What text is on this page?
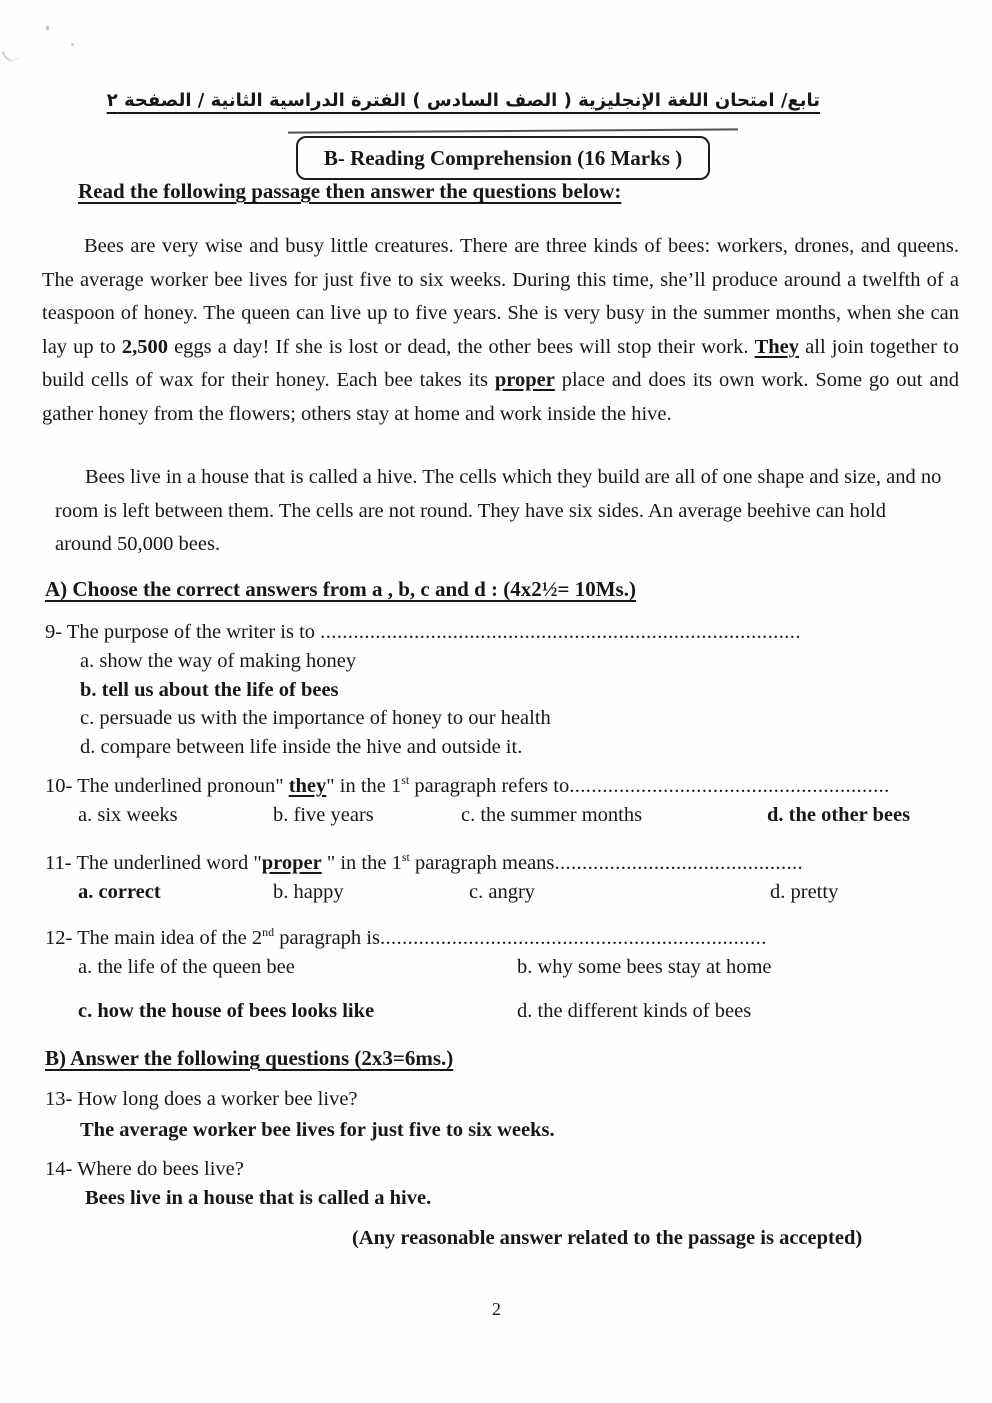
تابع/ امتحان اللغة الإنجليزية ( الصف السادس ) الفترة الدراسية الثانية / الصفحة ٢
B- Reading Comprehension (16 Marks )
Read the following passage then answer the questions below:

Bees are very wise and busy little creatures. There are three kinds of bees: workers, drones, and queens. The average worker bee lives for just five to six weeks. During this time, she’ll produce around a twelfth of a teaspoon of honey. The queen can live up to five years. She is very busy in the summer months, when she can lay up to 2,500 eggs a day! If she is lost or dead, the other bees will stop their work. They all join together to build cells of wax for their honey. Each bee takes its proper place and does its own work. Some go out and gather honey from the flowers; others stay at home and work inside the hive.

Bees live in a house that is called a hive. The cells which they build are all of one shape and size, and no room is left between them. The cells are not round. They have six sides. An average beehive can hold around 50,000 bees.

A) Choose the correct answers from a , b, c and d : (4x2½= 10Ms.)
9- The purpose of the writer is to .......................................................................................
a. show the way of making honey
b. tell us about the life of bees
c. persuade us with the importance of honey to our health
d. compare between life inside the hive and outside it.
10- The underlined pronoun" they" in the 1st paragraph refers to..........................................................
a. six weeks	b. five years	c. the summer months	d. the other bees
11- The underlined word "proper " in the 1st paragraph means.............................................
a. correct	b. happy	c. angry	d. pretty
12- The main idea of the 2nd paragraph is......................................................................
a. the life of the queen bee	b. why some bees stay at home
c. how the house of bees looks like	d. the different kinds of bees
B) Answer the following questions (2x3=6ms.)
13- How long does a worker bee live?
The average worker bee lives for just five to six weeks.
14- Where do bees live?
Bees live in a house that is called a hive.
(Any reasonable answer related to the passage is accepted)
2
